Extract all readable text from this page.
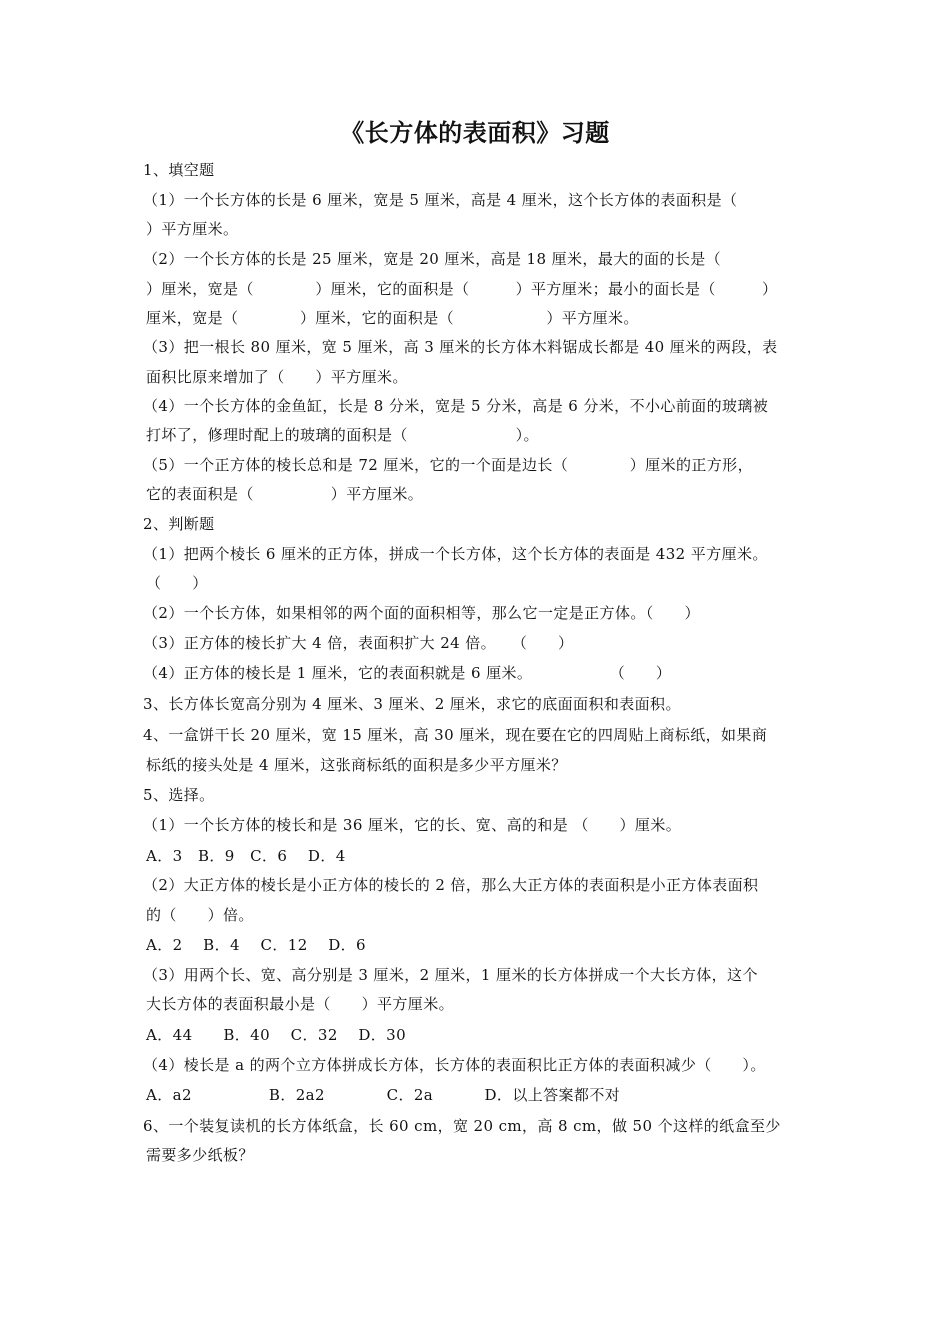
《长方体的表面积》习题
1、填空题
（1）一个长方体的长是 6 厘米，宽是 5 厘米，高是 4 厘米，这个长方体的表面积是（
）平方厘米。
（2）一个长方体的长是 25 厘米，宽是 20 厘米，高是 18 厘米，最大的面的长是（
）厘米，宽是（　　　　）厘米，它的面积是（　　　）平方厘米；最小的面长是（　　　）
厘米，宽是（　　　　）厘米，它的面积是（　　　　　　）平方厘米。
（3）把一根长 80 厘米，宽 5 厘米，高 3 厘米的长方体木料锯成长都是 40 厘米的两段，表
面积比原来增加了（　　）平方厘米。
（4）一个长方体的金鱼缸，长是 8 分米，宽是 5 分米，高是 6 分米，不小心前面的玻璃被
打坏了，修理时配上的玻璃的面积是（　　　　　　　）。
（5）一个正方体的棱长总和是 72 厘米，它的一个面是边长（　　　　）厘米的正方形，
它的表面积是（　　　　　）平方厘米。
2、判断题
（1）把两个棱长 6 厘米的正方体，拼成一个长方体，这个长方体的表面是 432 平方厘米。
（　　）
（2）一个长方体，如果相邻的两个面的面积相等，那么它一定是正方体。（　　）
（3）正方体的棱长扩大 4 倍，表面积扩大 24 倍。　　（　　）
（4）正方体的棱长是 1 厘米，它的表面积就是 6 厘米。　　　　　　（　　）
3、长方体长宽高分别为 4 厘米、3 厘米、2 厘米，求它的底面面积和表面积。
4、一盒饼干长 20 厘米，宽 15 厘米，高 30 厘米，现在要在它的四周贴上商标纸，如果商
标纸的接头处是 4 厘米，这张商标纸的面积是多少平方厘米？
5、选择。
（1）一个长方体的棱长和是 36 厘米，它的长、宽、高的和是 （　　）厘米。
A．3　B．9　C．6　 D．4
（2）大正方体的棱长是小正方体的棱长的 2 倍，那么大正方体的表面积是小正方体表面积
的（　　）倍。
A．2　 B．4　 C．12　 D．6
（3）用两个长、宽、高分别是 3 厘米，2 厘米，1 厘米的长方体拼成一个大长方体，这个
大长方体的表面积最小是（　　）平方厘米。
A．44　　B．40　 C．32　 D．30
（4）棱长是 a 的两个立方体拼成长方体，长方体的表面积比正方体的表面积减少（　　）。
A．a2　　　　　B．2a2　　　　C．2a　　　 D．以上答案都不对
6、一个装复读机的长方体纸盒，长 60 cm，宽 20 cm，高 8 cm，做 50 个这样的纸盒至少
需要多少纸板？
